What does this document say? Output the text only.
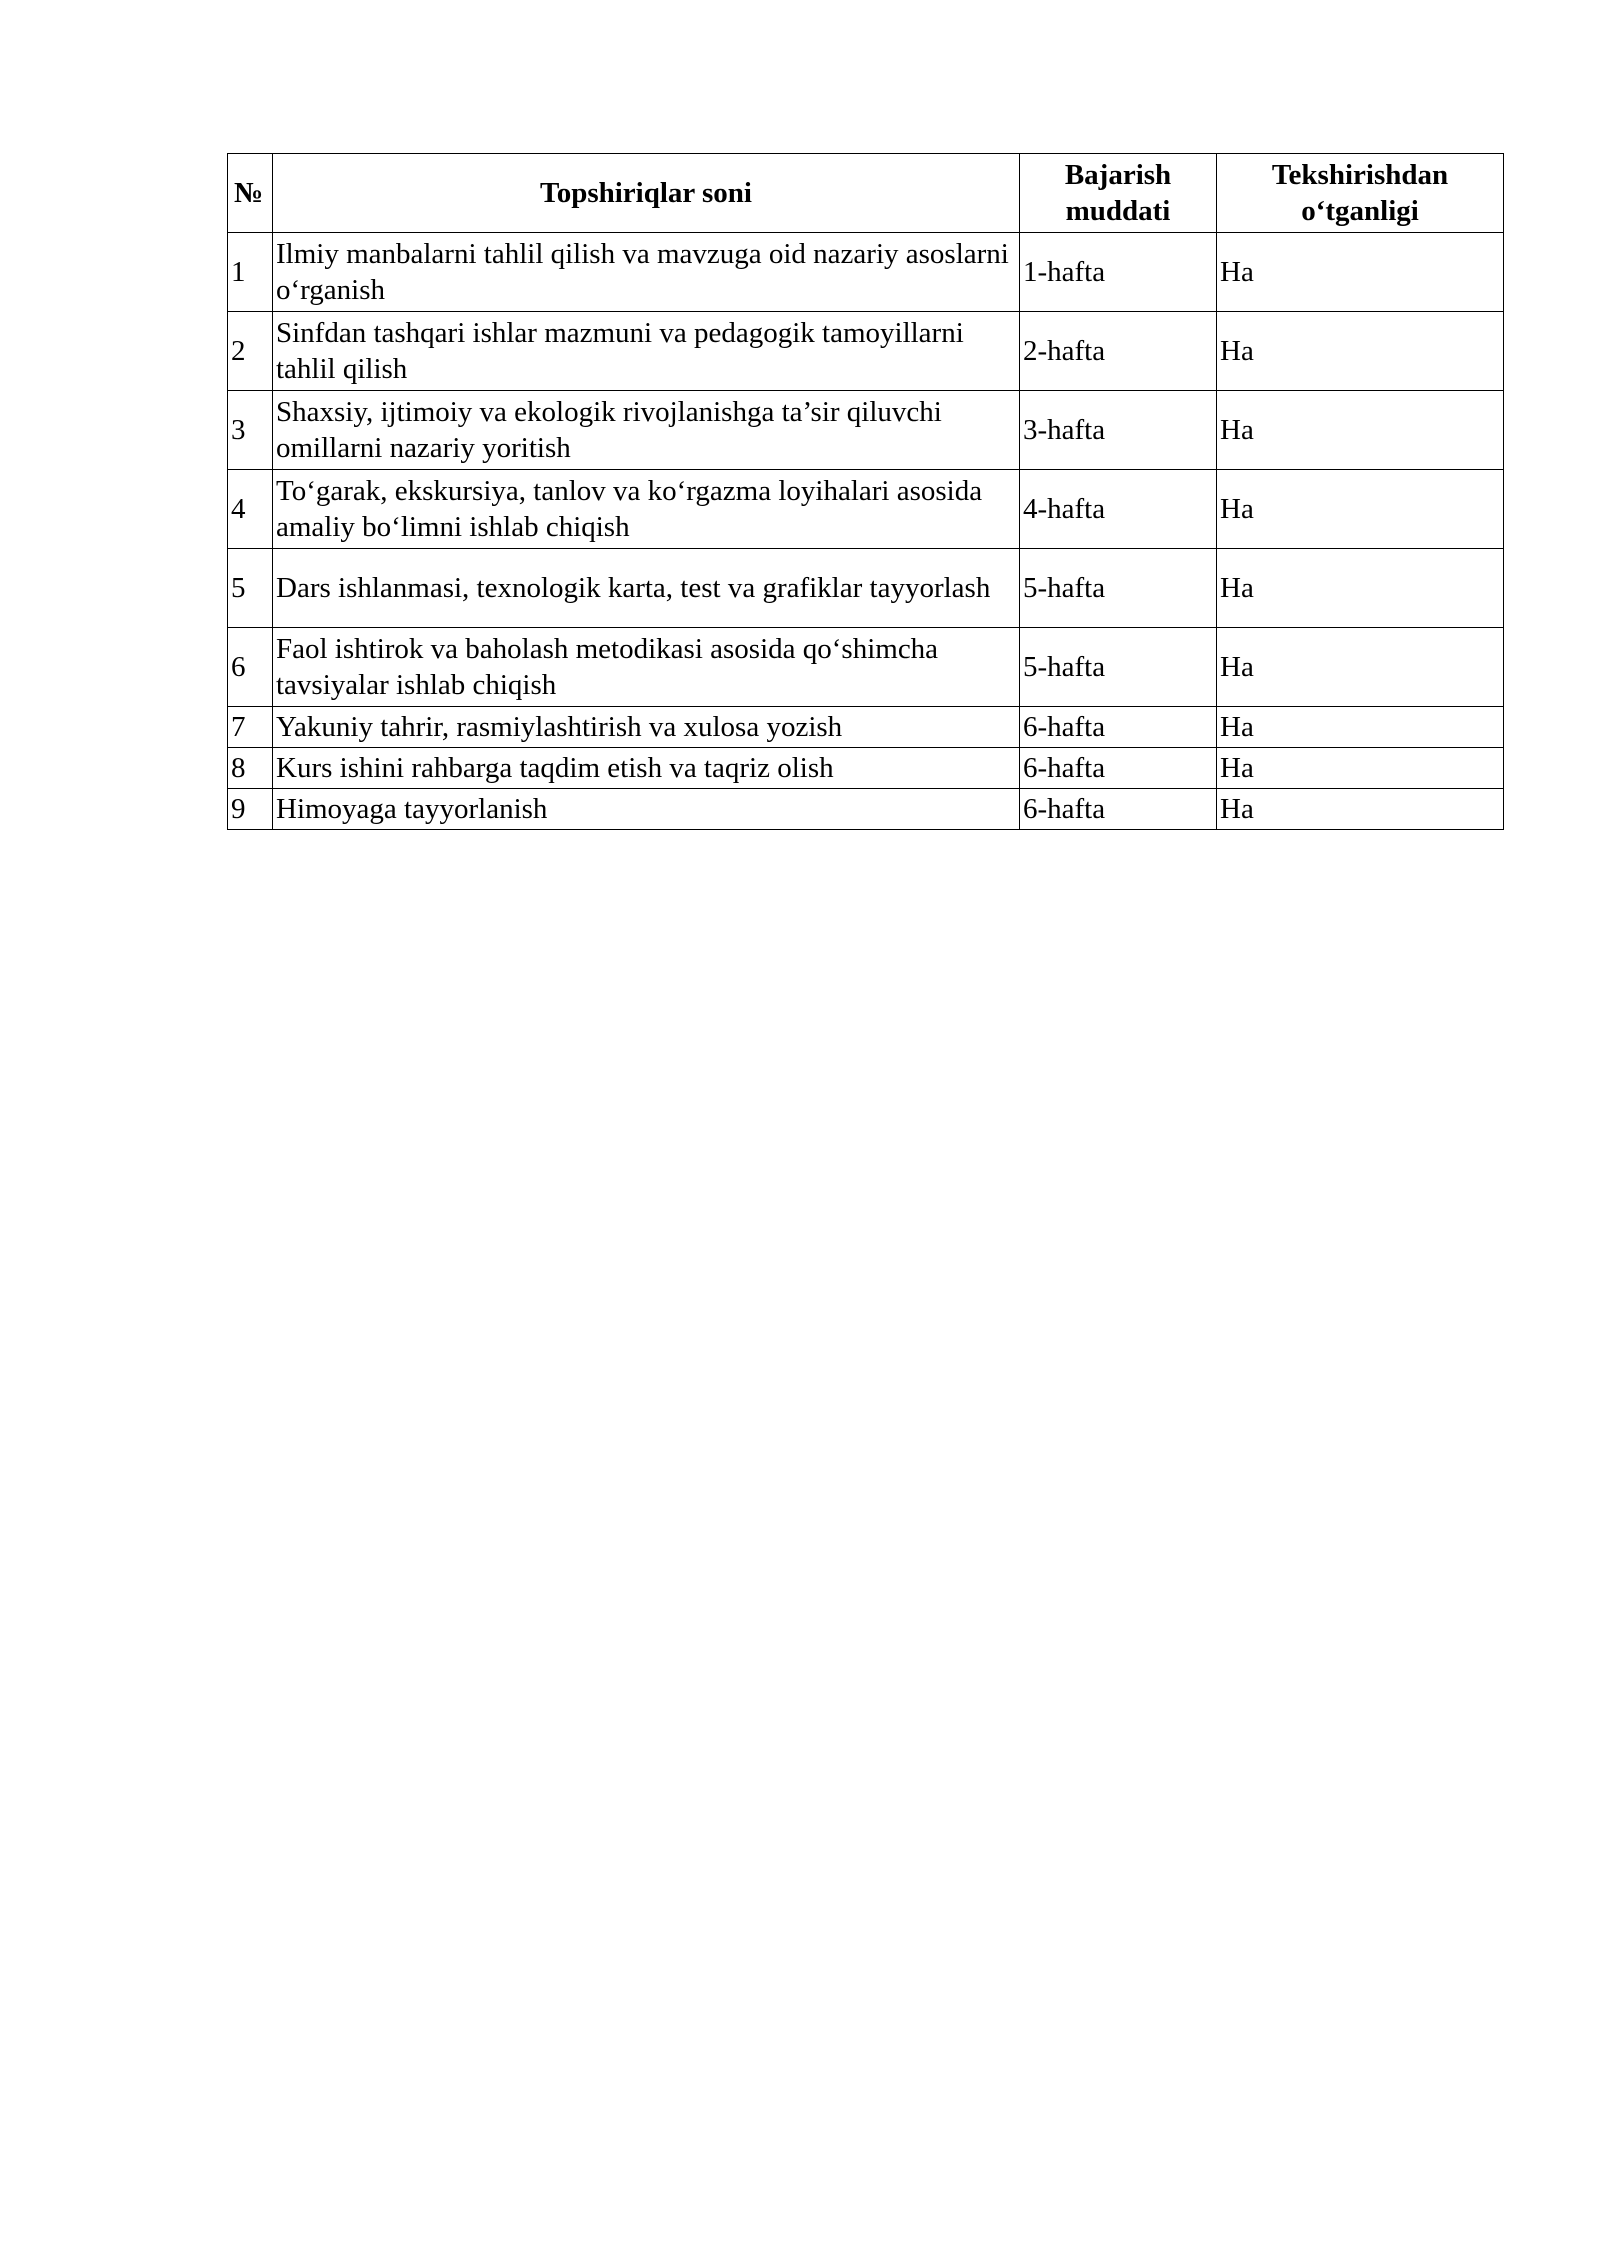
№	Topshiriqlar soni	Bajarish muddati	Tekshirishdan o‘tganligi
1	Ilmiy manbalarni tahlil qilish va mavzuga oid nazariy asoslarni o‘rganish	1-hafta	Ha
2	Sinfdan tashqari ishlar mazmuni va pedagogik tamoyillarni tahlil qilish	2-hafta	Ha
3	Shaxsiy, ijtimoiy va ekologik rivojlanishga ta’sir qiluvchi omillarni nazariy yoritish	3-hafta	Ha
4	To‘garak, ekskursiya, tanlov va ko‘rgazma loyihalari asosida amaliy bo‘limni ishlab chiqish	4-hafta	Ha
5	Dars ishlanmasi, texnologik karta, test va grafiklar tayyorlash	5-hafta	Ha
6	Faol ishtirok va baholash metodikasi asosida qo‘shimcha tavsiyalar ishlab chiqish	5-hafta	Ha
7	Yakuniy tahrir, rasmiylashtirish va xulosa yozish	6-hafta	Ha
8	Kurs ishini rahbarga taqdim etish va taqriz olish	6-hafta	Ha
9	Himoyaga tayyorlanish	6-hafta	Ha
